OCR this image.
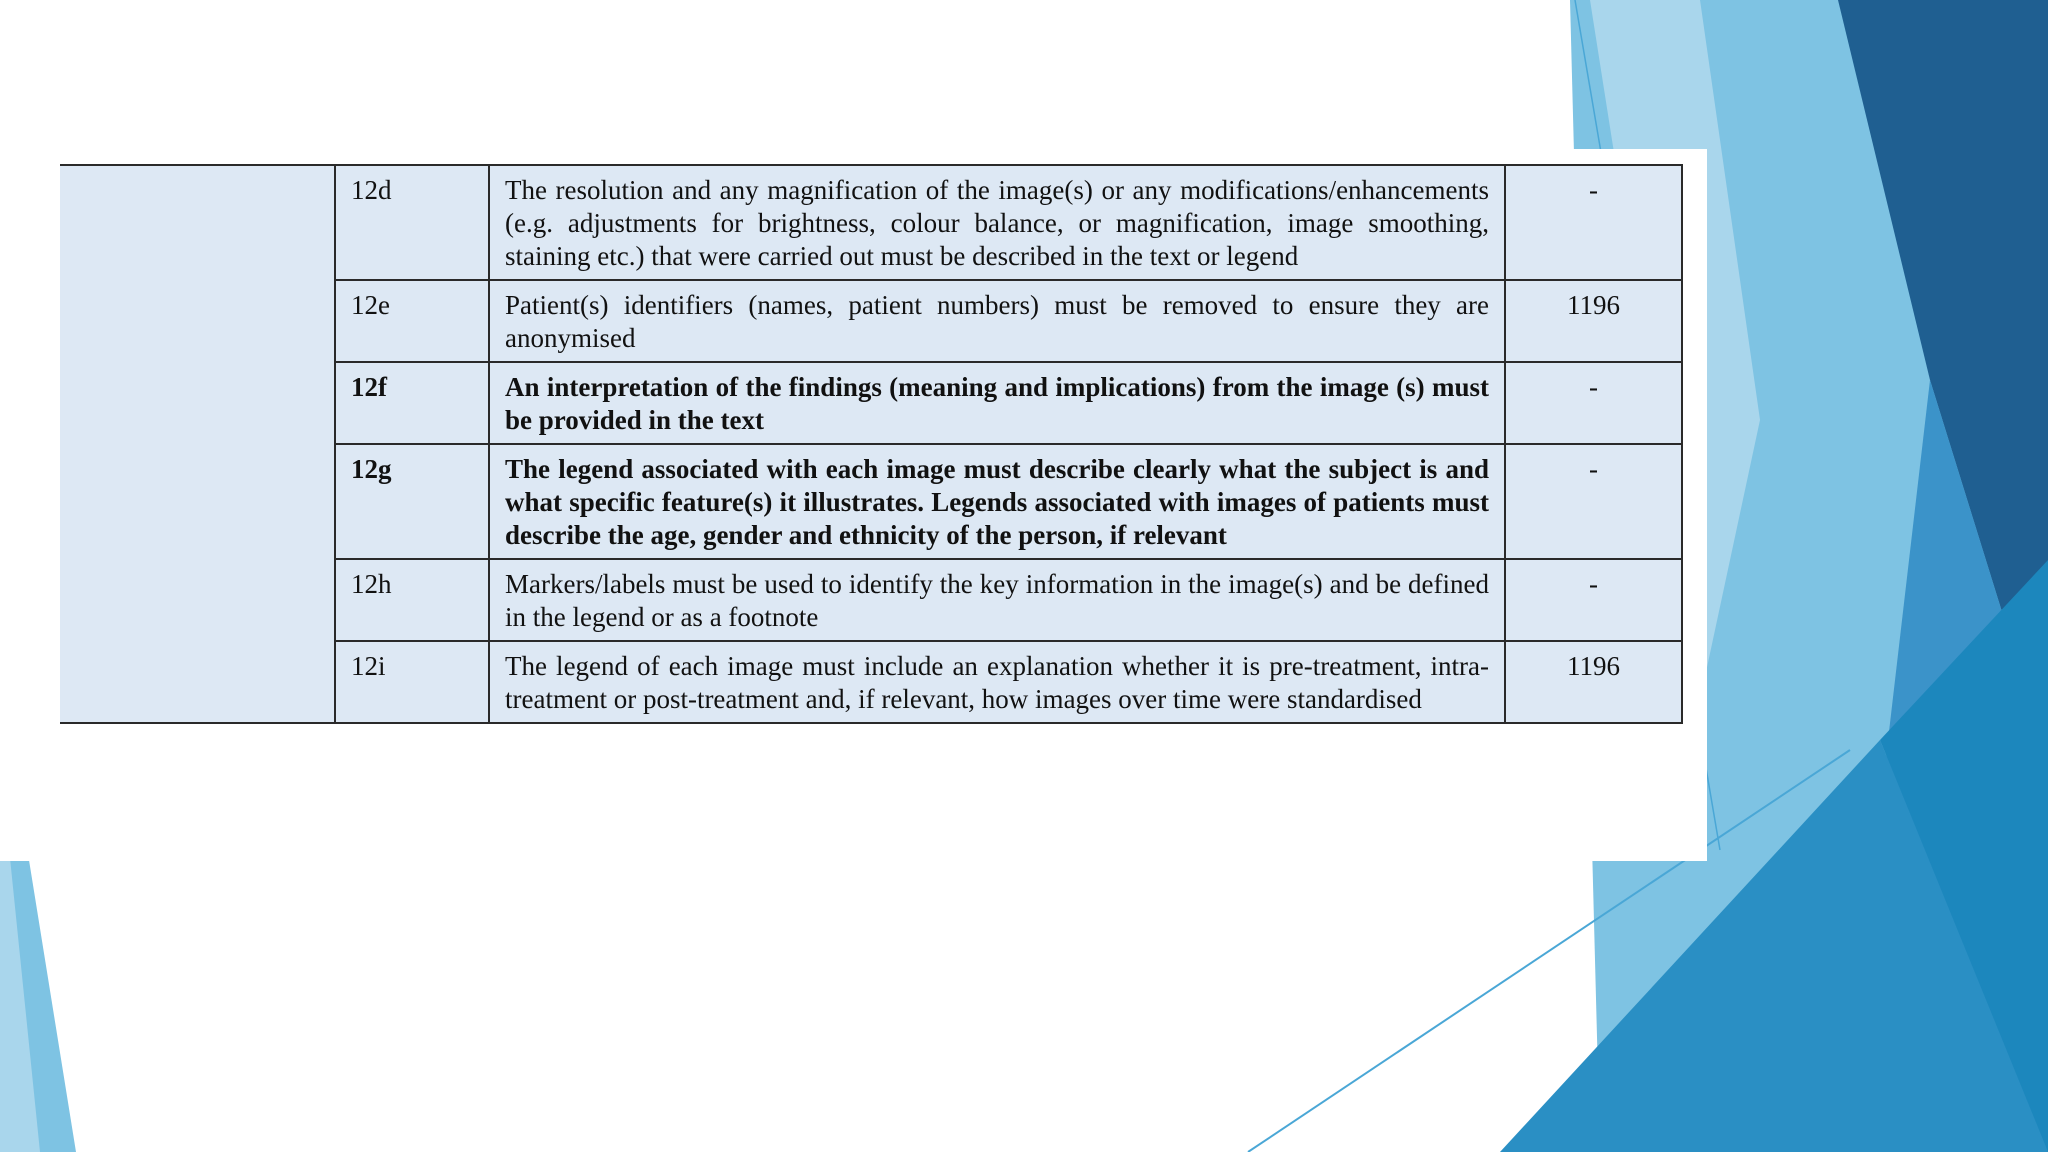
	12d	The resolution and any magnification of the image(s) or any modifications/enhancements (e.g. adjustments for brightness, colour balance, or magnification, image smoothing, staining etc.) that were carried out must be described in the text or legend	-
	12e	Patient(s) identifiers (names, patient numbers) must be removed to ensure they are anonymised	1196
	12f	An interpretation of the findings (meaning and implications) from the image (s) must be provided in the text	-
	12g	The legend associated with each image must describe clearly what the subject is and what specific feature(s) it illustrates. Legends associated with images of patients must describe the age, gender and ethnicity of the person, if relevant	-
	12h	Markers/labels must be used to identify the key information in the image(s) and be defined in the legend or as a footnote	-
	12i	The legend of each image must include an explanation whether it is pre-treatment, intra-treatment or post-treatment and, if relevant, how images over time were standardised	1196
